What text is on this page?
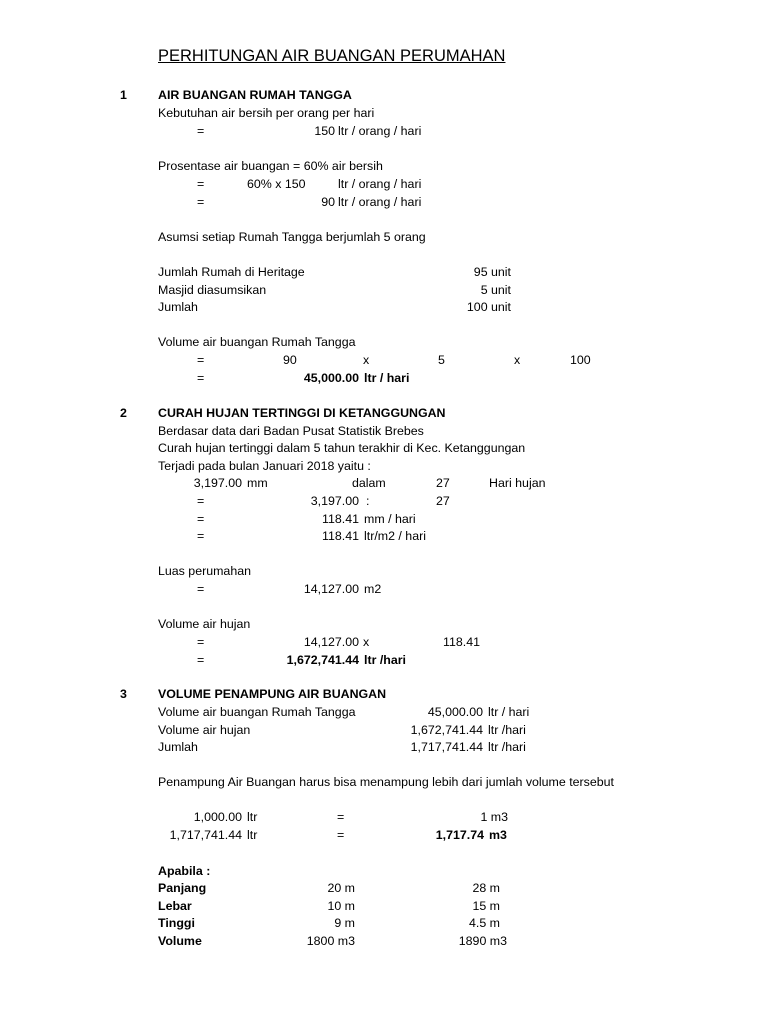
PERHITUNGAN AIR BUANGAN PERUMAHAN
1	AIR BUANGAN RUMAH TANGGA
Kebutuhan air bersih per orang per hari
=	150 ltr / orang / hari
Prosentase air buangan = 60% air bersih
=	60% x 150	ltr / orang / hari
=	90 ltr / orang / hari
Asumsi setiap Rumah Tangga berjumlah 5 orang
Jumlah Rumah di Heritage	95 unit
Masjid diasumsikan	5 unit
Jumlah	100 unit
Volume air buangan Rumah Tangga
=	90	x	5	x	100
=	45,000.00 ltr / hari
2	CURAH HUJAN TERTINGGI DI KETANGGUNGAN
Berdasar data dari Badan Pusat Statistik Brebes
Curah hujan tertinggi dalam 5 tahun terakhir di Kec. Ketanggungan
Terjadi pada bulan Januari 2018 yaitu :
3,197.00 mm	dalam	27	Hari hujan
=	3,197.00 :	27
=	118.41 mm / hari
=	118.41 ltr/m2 / hari
Luas perumahan
=	14,127.00 m2
Volume air hujan
=	14,127.00 x	118.41
=	1,672,741.44 ltr /hari
3	VOLUME PENAMPUNG AIR BUANGAN
Volume air buangan Rumah Tangga	45,000.00 ltr / hari
Volume air hujan	1,672,741.44 ltr /hari
Jumlah	1,717,741.44 ltr /hari
Penampung Air Buangan harus bisa menampung lebih dari jumlah volume tersebut
1,000.00 ltr	=	1 m3
1,717,741.44 ltr	=	1,717.74 m3
Apabila :
Panjang	20 m	28 m
Lebar	10 m	15 m
Tinggi	9 m	4.5 m
Volume	1800 m3	1890 m3
